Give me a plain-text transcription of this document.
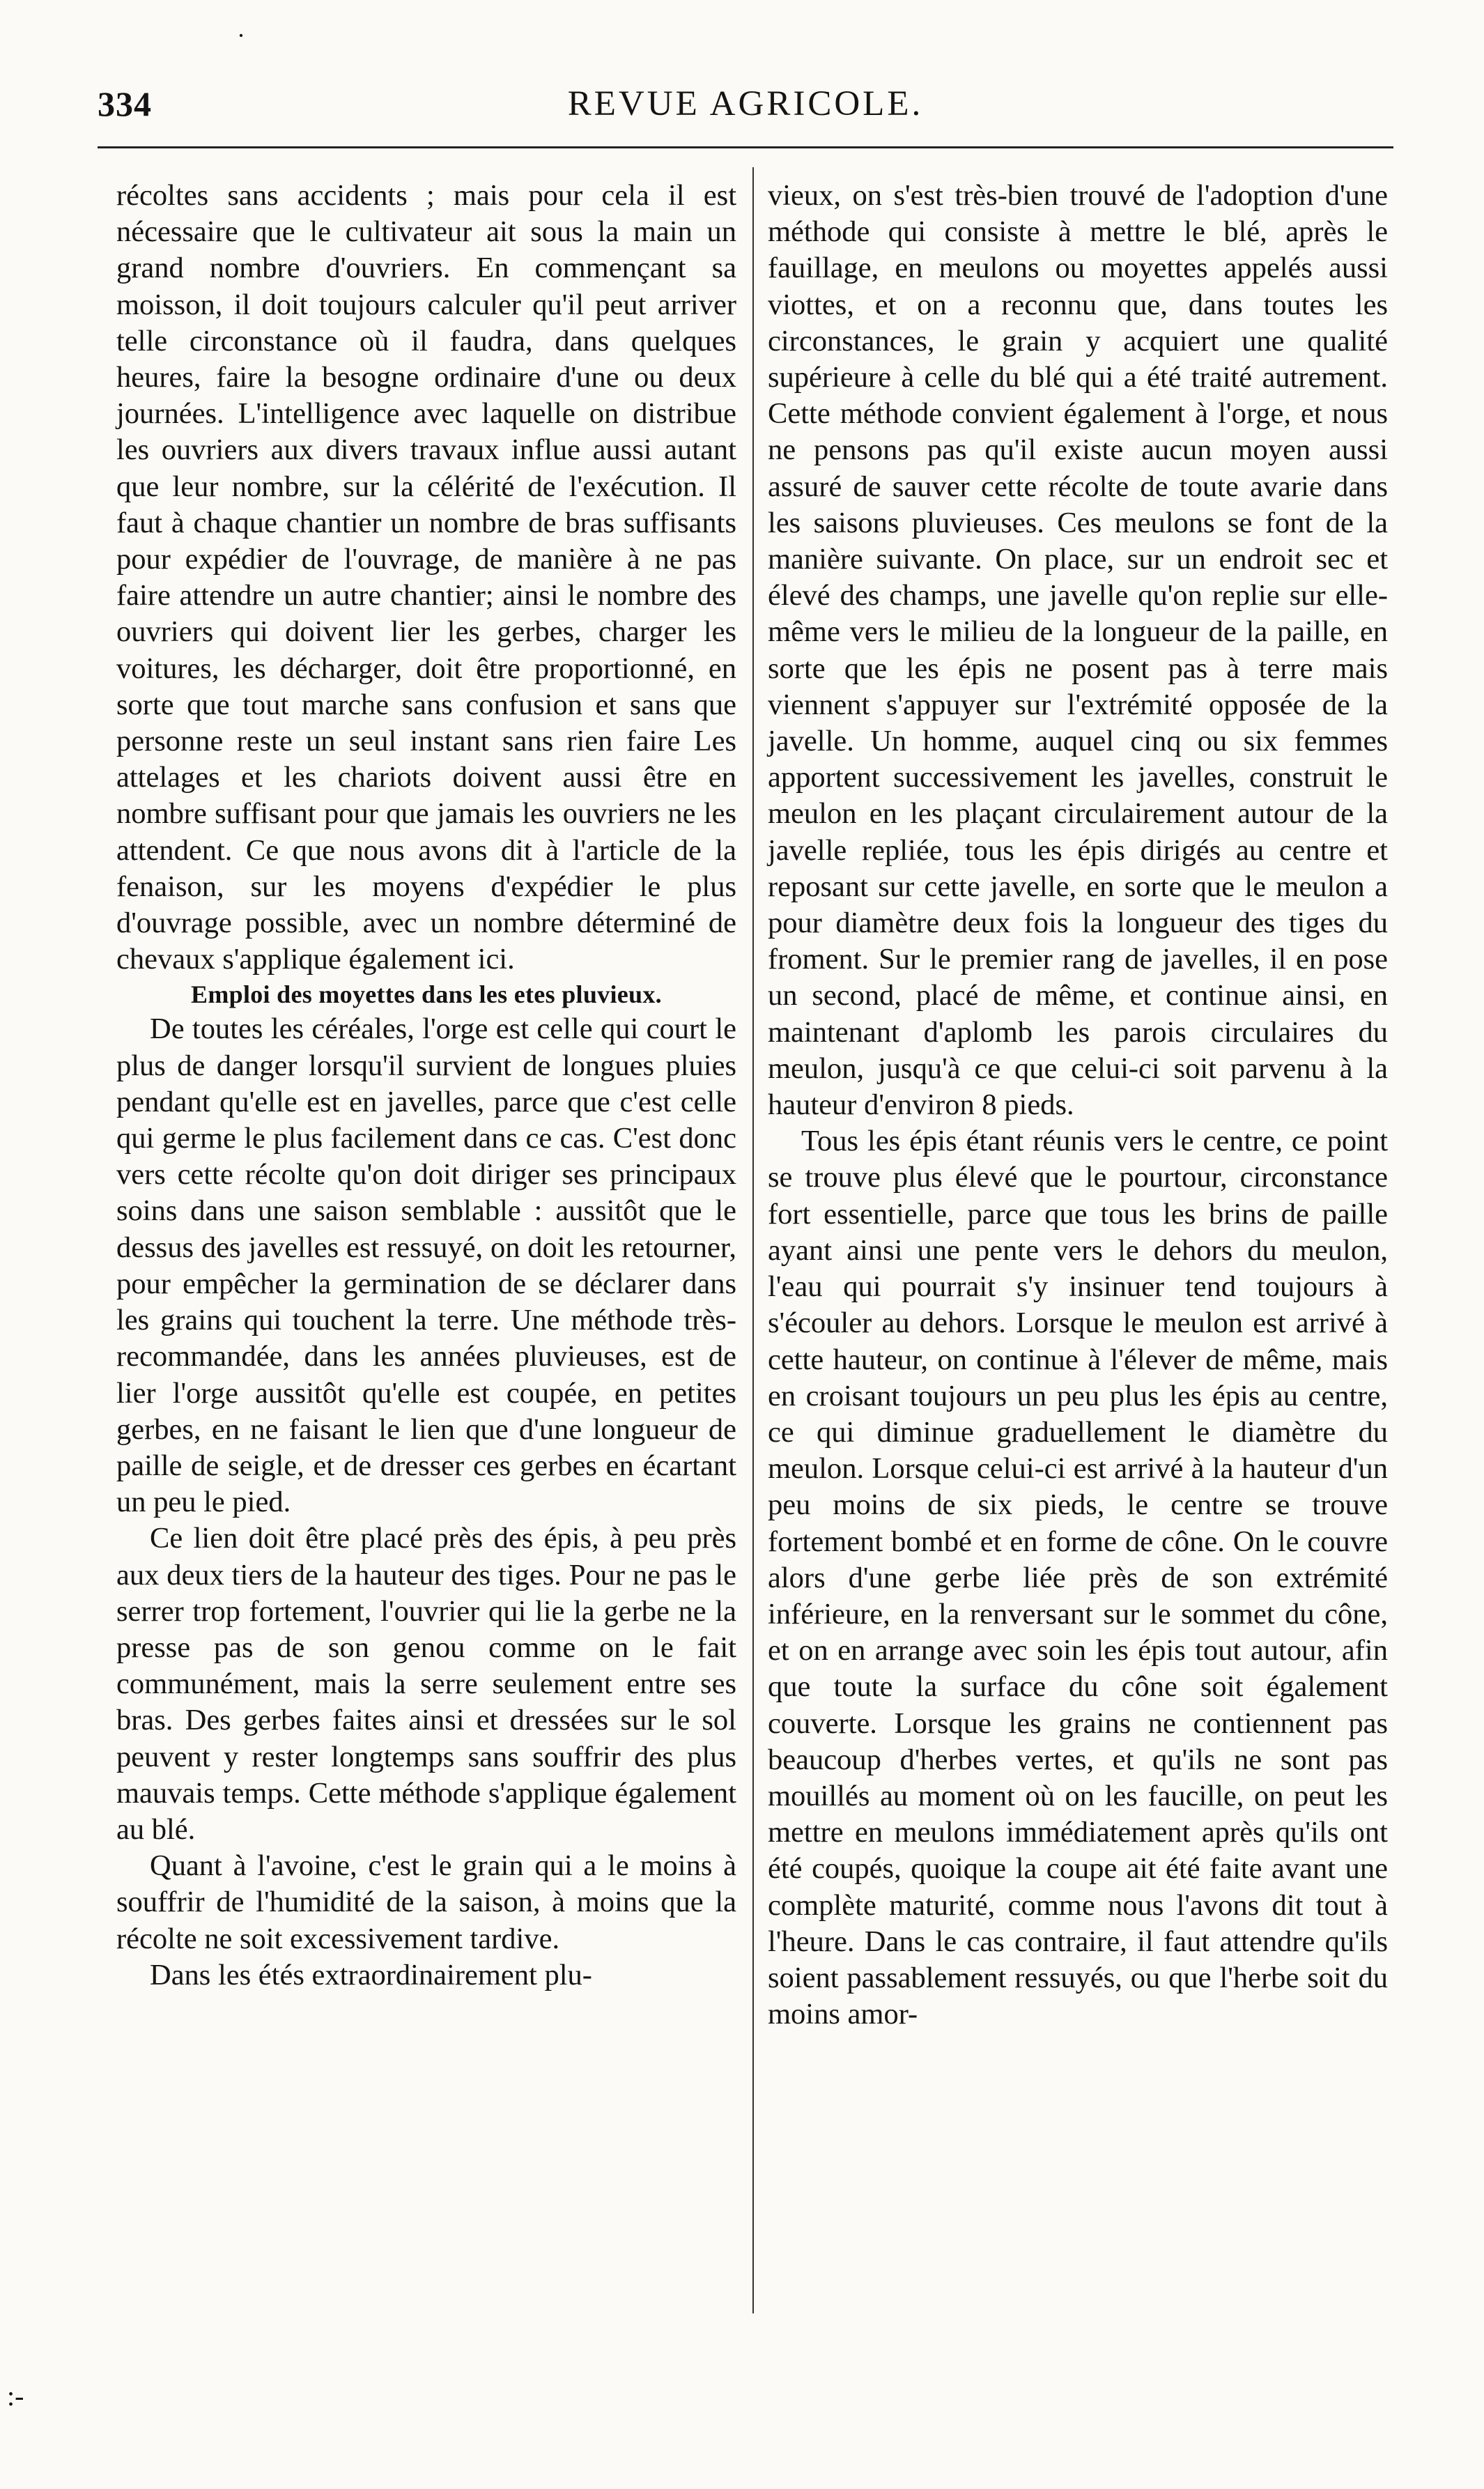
334	REVUE AGRICOLE.
·

récoltes sans accidents ; mais pour cela il est nécessaire que le cultivateur ait sous la main un grand nombre d'ouvriers. En commençant sa moisson, il doit toujours calculer qu'il peut arriver telle circonstance où il faudra, dans quelques heures, faire la besogne ordinaire d'une ou deux journées. L'intelligence avec laquelle on distribue les ouvriers aux divers travaux influe aussi autant que leur nombre, sur la célérité de l'exécution. Il faut à chaque chantier un nombre de bras suffisants pour expédier de l'ouvrage, de manière à ne pas faire attendre un autre chantier; ainsi le nombre des ouvriers qui doivent lier les gerbes, charger les voitures, les décharger, doit être proportionné, en sorte que tout marche sans confusion et sans que personne reste un seul instant sans rien faire Les attelages et les chariots doivent aussi être en nombre suffisant pour que jamais les ouvriers ne les attendent. Ce que nous avons dit à l'article de la fenaison, sur les moyens d'expédier le plus d'ouvrage possible, avec un nombre déterminé de chevaux s'applique également ici.

Emploi des moyettes dans les etes pluvieux.

De toutes les céréales, l'orge est celle qui court le plus de danger lorsqu'il survient de longues pluies pendant qu'elle est en javelles, parce que c'est celle qui germe le plus facilement dans ce cas. C'est donc vers cette récolte qu'on doit diriger ses principaux soins dans une saison semblable : aussitôt que le dessus des javelles est ressuyé, on doit les retourner, pour empêcher la germination de se déclarer dans les grains qui touchent la terre. Une méthode très-recommandée, dans les années pluvieuses, est de lier l'orge aussitôt qu'elle est coupée, en petites gerbes, en ne faisant le lien que d'une longueur de paille de seigle, et de dresser ces gerbes en écartant un peu le pied.

Ce lien doit être placé près des épis, à peu près aux deux tiers de la hauteur des tiges. Pour ne pas le serrer trop fortement, l'ouvrier qui lie la gerbe ne la presse pas de son genou comme on le fait communément, mais la serre seulement entre ses bras. Des gerbes faites ainsi et dressées sur le sol peuvent y rester longtemps sans souffrir des plus mauvais temps. Cette méthode s'applique également au blé.

Quant à l'avoine, c'est le grain qui a le moins à souffrir de l'humidité de la saison, à moins que la récolte ne soit excessivement tardive.

Dans les étés extraordinairement plu-

vieux, on s'est très-bien trouvé de l'adoption d'une méthode qui consiste à mettre le blé, après le fauillage, en meulons ou moyettes appelés aussi viottes, et on a reconnu que, dans toutes les circonstances, le grain y acquiert une qualité supérieure à celle du blé qui a été traité autrement. Cette méthode convient également à l'orge, et nous ne pensons pas qu'il existe aucun moyen aussi assuré de sauver cette récolte de toute avarie dans les saisons pluvieuses. Ces meulons se font de la manière suivante. On place, sur un endroit sec et élevé des champs, une javelle qu'on replie sur elle-même vers le milieu de la longueur de la paille, en sorte que les épis ne posent pas à terre mais viennent s'appuyer sur l'extrémité opposée de la javelle. Un homme, auquel cinq ou six femmes apportent successivement les javelles, construit le meulon en les plaçant circulairement autour de la javelle repliée, tous les épis dirigés au centre et reposant sur cette javelle, en sorte que le meulon a pour diamètre deux fois la longueur des tiges du froment. Sur le premier rang de javelles, il en pose un second, placé de même, et continue ainsi, en maintenant d'aplomb les parois circulaires du meulon, jusqu'à ce que celui-ci soit parvenu à la hauteur d'environ 8 pieds.

Tous les épis étant réunis vers le centre, ce point se trouve plus élevé que le pourtour, circonstance fort essentielle, parce que tous les brins de paille ayant ainsi une pente vers le dehors du meulon, l'eau qui pourrait s'y insinuer tend toujours à s'écouler au dehors. Lorsque le meulon est arrivé à cette hauteur, on continue à l'élever de même, mais en croisant toujours un peu plus les épis au centre, ce qui diminue graduellement le diamètre du meulon. Lorsque celui-ci est arrivé à la hauteur d'un peu moins de six pieds, le centre se trouve fortement bombé et en forme de cône. On le couvre alors d'une gerbe liée près de son extrémité inférieure, en la renversant sur le sommet du cône, et on en arrange avec soin les épis tout autour, afin que toute la surface du cône soit également couverte. Lorsque les grains ne contiennent pas beaucoup d'herbes vertes, et qu'ils ne sont pas mouillés au moment où on les faucille, on peut les mettre en meulons immédiatement après qu'ils ont été coupés, quoique la coupe ait été faite avant une complète maturité, comme nous l'avons dit tout à l'heure. Dans le cas contraire, il faut attendre qu'ils soient passablement ressuyés, ou que l'herbe soit du moins amor-

:-
